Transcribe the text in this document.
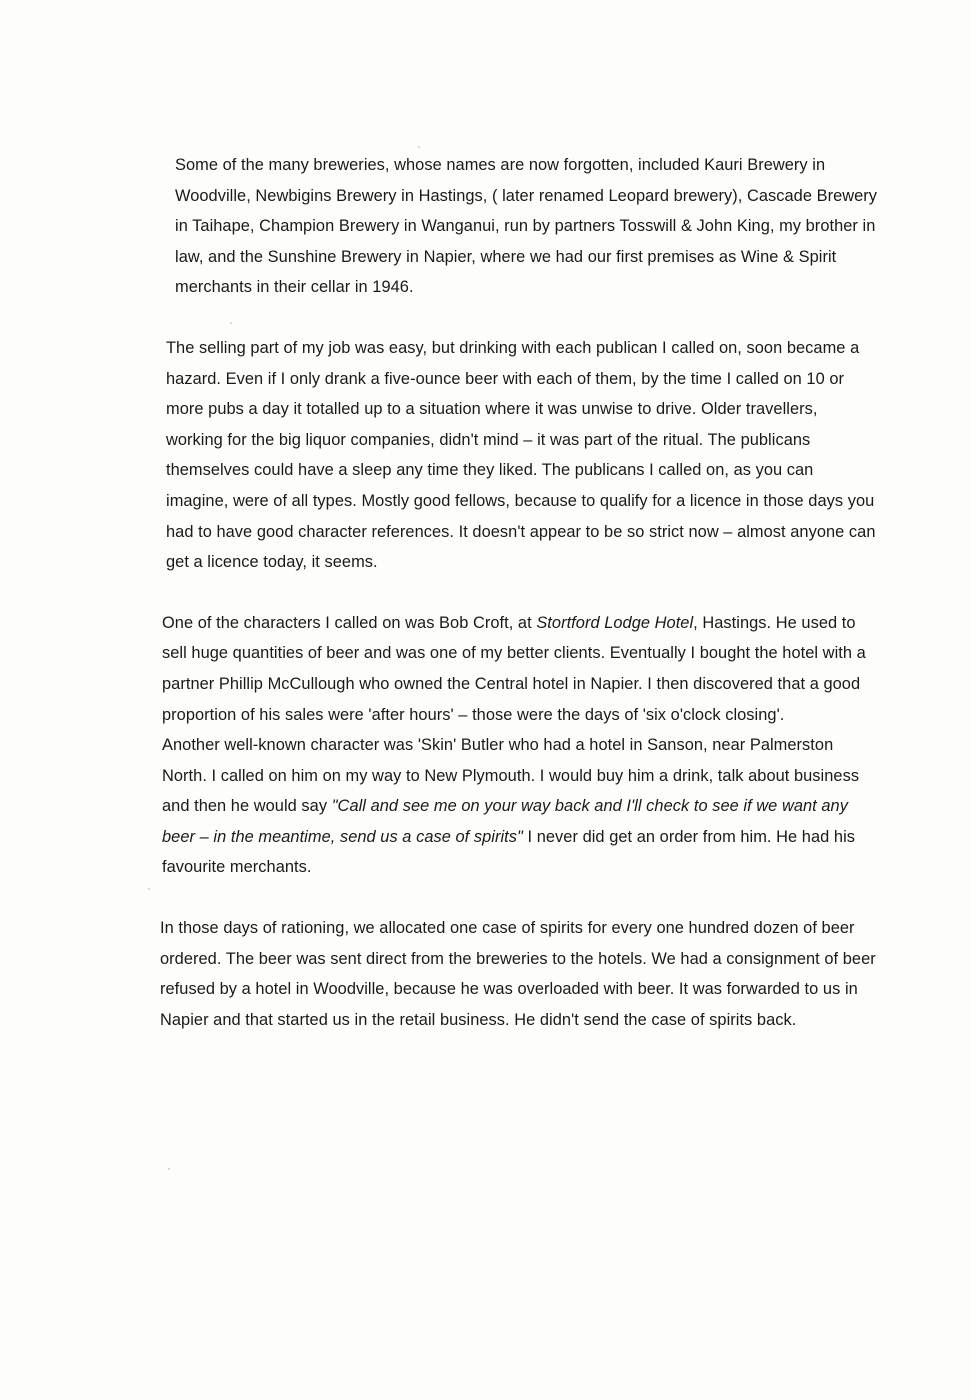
Some of the many breweries, whose names are now forgotten, included Kauri Brewery in Woodville, Newbigins Brewery in Hastings, ( later renamed Leopard brewery), Cascade Brewery in Taihape, Champion Brewery in Wanganui, run by partners Tosswill & John King, my brother in law, and the Sunshine Brewery in Napier, where we had our first premises as Wine & Spirit merchants in their cellar in 1946.

The selling part of my job was easy, but drinking with each publican I called on, soon became a hazard. Even if I only drank a five-ounce beer with each of them, by the time I called on 10 or more pubs a day it totalled up to a situation where it was unwise to drive. Older travellers, working for the big liquor companies, didn't mind – it was part of the ritual. The publicans themselves could have a sleep any time they liked. The publicans I called on, as you can imagine, were of all types. Mostly good fellows, because to qualify for a licence in those days you had to have good character references. It doesn't appear to be so strict now – almost anyone can get a licence today, it seems.

One of the characters I called on was Bob Croft, at Stortford Lodge Hotel, Hastings. He used to sell huge quantities of beer and was one of my better clients. Eventually I bought the hotel with a partner Phillip McCullough who owned the Central hotel in Napier. I then discovered that a good proportion of his sales were 'after hours' – those were the days of 'six o'clock closing'.

Another well-known character was 'Skin' Butler who had a hotel in Sanson, near Palmerston North. I called on him on my way to New Plymouth. I would buy him a drink, talk about business and then he would say "Call and see me on your way back and I'll check to see if we want any beer – in the meantime, send us a case of spirits" I never did get an order from him. He had his favourite merchants.

In those days of rationing, we allocated one case of spirits for every one hundred dozen of beer ordered. The beer was sent direct from the breweries to the hotels. We had a consignment of beer refused by a hotel in Woodville, because he was overloaded with beer. It was forwarded to us in Napier and that started us in the retail business. He didn't send the case of spirits back.
